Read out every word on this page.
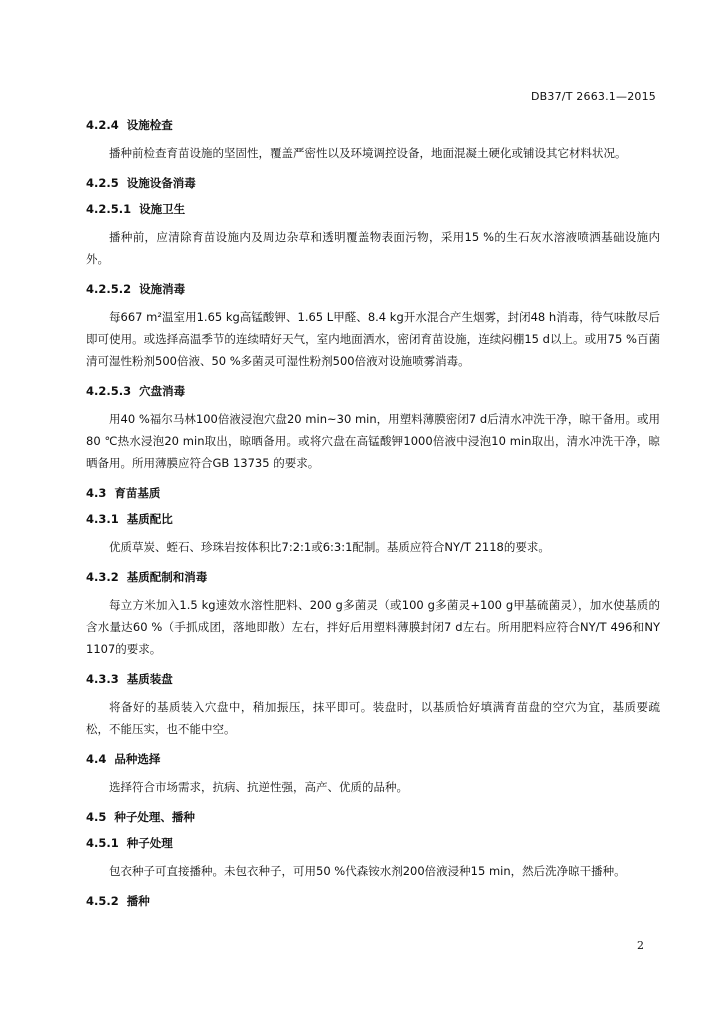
DB37/T 2663.1—2015
4.2.4 设施检查

播种前检查育苗设施的坚固性，覆盖严密性以及环境调控设备，地面混凝土硬化或铺设其它材料状况。

4.2.5 设施设备消毒
4.2.5.1 设施卫生

播种前，应清除育苗设施内及周边杂草和透明覆盖物表面污物，采用15 %的生石灰水溶液喷洒基础设施内外。

4.2.5.2 设施消毒

每667 m²温室用1.65 kg高锰酸钾、1.65 L甲醛、8.4 kg开水混合产生烟雾，封闭48 h消毒，待气味散尽后即可使用。或选择高温季节的连续晴好天气，室内地面洒水，密闭育苗设施，连续闷棚15 d以上。或用75 %百菌清可湿性粉剂500倍液、50 %多菌灵可湿性粉剂500倍液对设施喷雾消毒。

4.2.5.3 穴盘消毒

用40 %福尔马林100倍液浸泡穴盘20 min~30 min，用塑料薄膜密闭7 d后清水冲洗干净，晾干备用。或用80 ℃热水浸泡20 min取出，晾晒备用。或将穴盘在高锰酸钾1000倍液中浸泡10 min取出，清水冲洗干净，晾晒备用。所用薄膜应符合GB 13735 的要求。

4.3 育苗基质
4.3.1 基质配比

优质草炭、蛭石、珍珠岩按体积比7:2:1或6:3:1配制。基质应符合NY/T 2118的要求。

4.3.2 基质配制和消毒

每立方米加入1.5 kg速效水溶性肥料、200 g多菌灵（或100 g多菌灵+100 g甲基硫菌灵），加水使基质的含水量达60 %（手抓成团，落地即散）左右，拌好后用塑料薄膜封闭7 d左右。所用肥料应符合NY/T 496和NY 1107的要求。

4.3.3 基质装盘

将备好的基质装入穴盘中，稍加振压，抹平即可。装盘时，以基质恰好填满育苗盘的空穴为宜，基质要疏松，不能压实，也不能中空。

4.4 品种选择

选择符合市场需求，抗病、抗逆性强，高产、优质的品种。

4.5 种子处理、播种
4.5.1 种子处理

包衣种子可直接播种。未包衣种子，可用50 %代森铵水剂200倍液浸种15 min，然后洗净晾干播种。

4.5.2 播种
2
